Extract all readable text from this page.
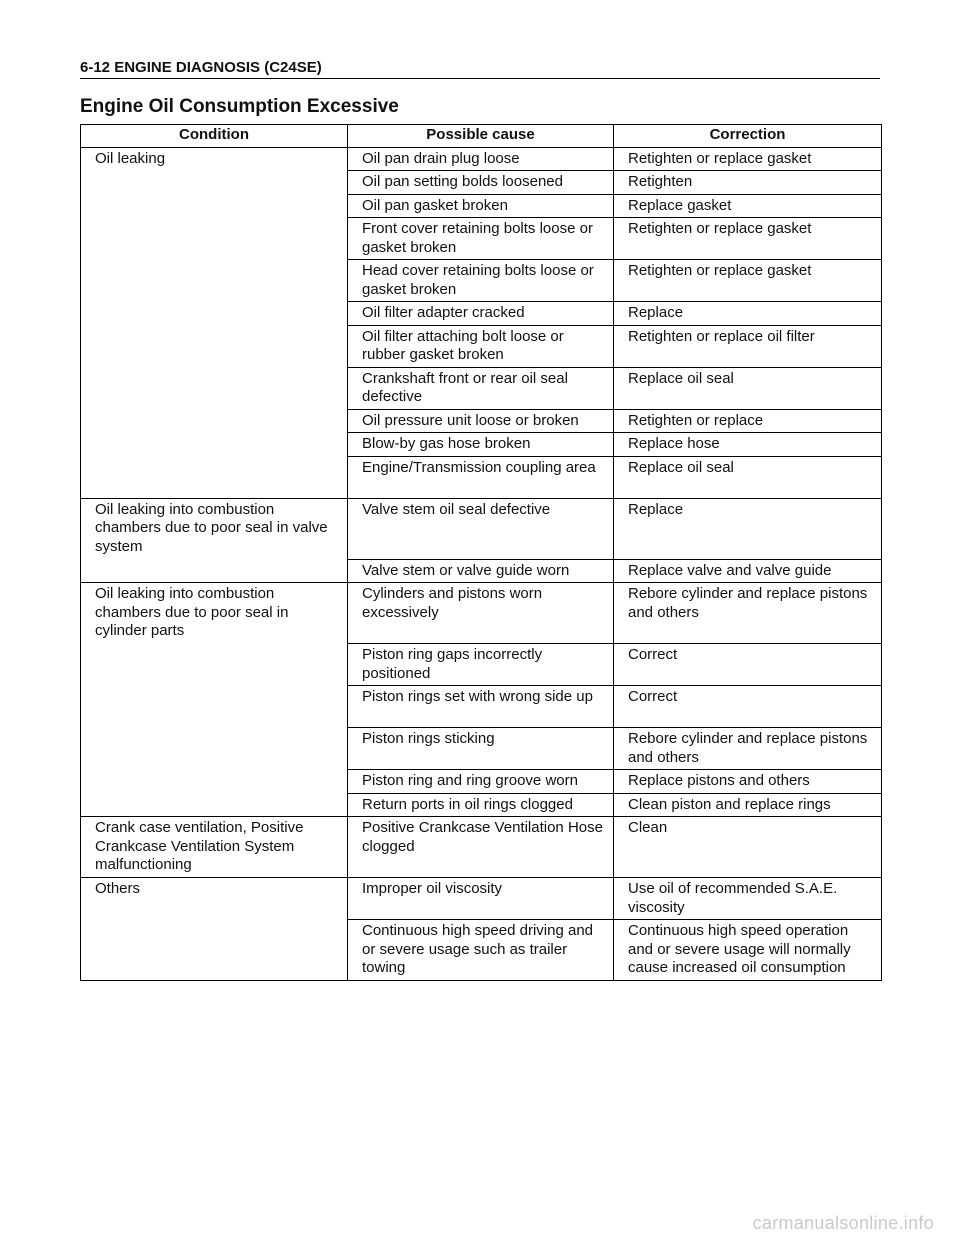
6-12 ENGINE DIAGNOSIS (C24SE)
Engine Oil Consumption Excessive
Condition	Possible cause	Correction
Oil leaking	Oil pan drain plug loose	Retighten or replace gasket
	Oil pan setting bolds loosened	Retighten
	Oil pan gasket broken	Replace gasket
	Front cover retaining bolts loose or gasket broken	Retighten or replace gasket
	Head cover retaining bolts loose or gasket broken	Retighten or replace gasket
	Oil filter adapter cracked	Replace
	Oil filter attaching bolt loose or rubber gasket broken	Retighten or replace oil filter
	Crankshaft front or rear oil seal defective	Replace oil seal
	Oil pressure unit loose or broken	Retighten or replace
	Blow-by gas hose broken	Replace hose
	Engine/Transmission coupling area	Replace oil seal
Oil leaking into combustion chambers due to poor seal in valve system	Valve stem oil seal defective	Replace
	Valve stem or valve guide worn	Replace valve and valve guide
Oil leaking into combustion chambers due to poor seal in cylinder parts	Cylinders and pistons worn excessively	Rebore cylinder and replace pistons and others
	Piston ring gaps incorrectly positioned	Correct
	Piston rings set with wrong side up	Correct
	Piston rings sticking	Rebore cylinder and replace pistons and others
	Piston ring and ring groove worn	Replace pistons and others
	Return ports in oil rings clogged	Clean piston and replace rings
Crank case ventilation, Positive Crankcase Ventilation System malfunctioning	Positive Crankcase Ventilation Hose clogged	Clean
Others	Improper oil viscosity	Use oil of recommended S.A.E. viscosity
	Continuous high speed driving and or severe usage such as trailer towing	Continuous high speed operation and or severe usage will normally cause increased oil consumption
carmanualsonline.info
